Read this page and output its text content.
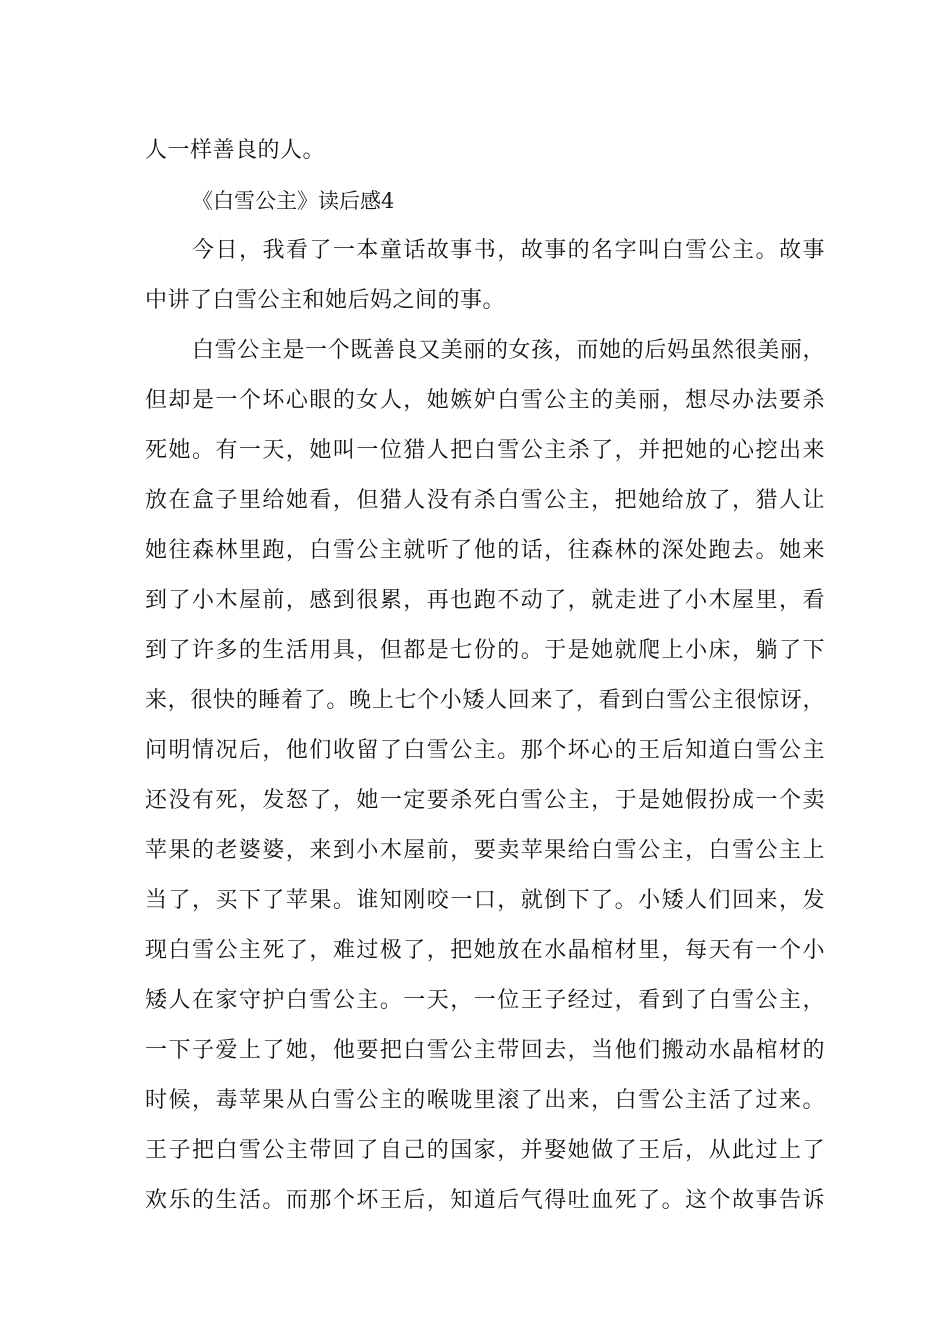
人一样善良的人。
《白雪公主》读后感4
今日，我看了一本童话故事书，故事的名字叫白雪公主。故事
中讲了白雪公主和她后妈之间的事。
白雪公主是一个既善良又美丽的女孩，而她的后妈虽然很美丽，
但却是一个坏心眼的女人，她嫉妒白雪公主的美丽，想尽办法要杀
死她。有一天，她叫一位猎人把白雪公主杀了，并把她的心挖出来
放在盒子里给她看，但猎人没有杀白雪公主，把她给放了，猎人让
她往森林里跑，白雪公主就听了他的话，往森林的深处跑去。她来
到了小木屋前，感到很累，再也跑不动了，就走进了小木屋里，看
到了许多的生活用具，但都是七份的。于是她就爬上小床，躺了下
来，很快的睡着了。晚上七个小矮人回来了，看到白雪公主很惊讶，
问明情况后，他们收留了白雪公主。那个坏心的王后知道白雪公主
还没有死，发怒了，她一定要杀死白雪公主，于是她假扮成一个卖
苹果的老婆婆，来到小木屋前，要卖苹果给白雪公主，白雪公主上
当了，买下了苹果。谁知刚咬一口，就倒下了。小矮人们回来，发
现白雪公主死了，难过极了，把她放在水晶棺材里，每天有一个小
矮人在家守护白雪公主。一天，一位王子经过，看到了白雪公主，
一下子爱上了她，他要把白雪公主带回去，当他们搬动水晶棺材的
时候，毒苹果从白雪公主的喉咙里滚了出来，白雪公主活了过来。
王子把白雪公主带回了自己的国家，并娶她做了王后，从此过上了
欢乐的生活。而那个坏王后，知道后气得吐血死了。这个故事告诉
